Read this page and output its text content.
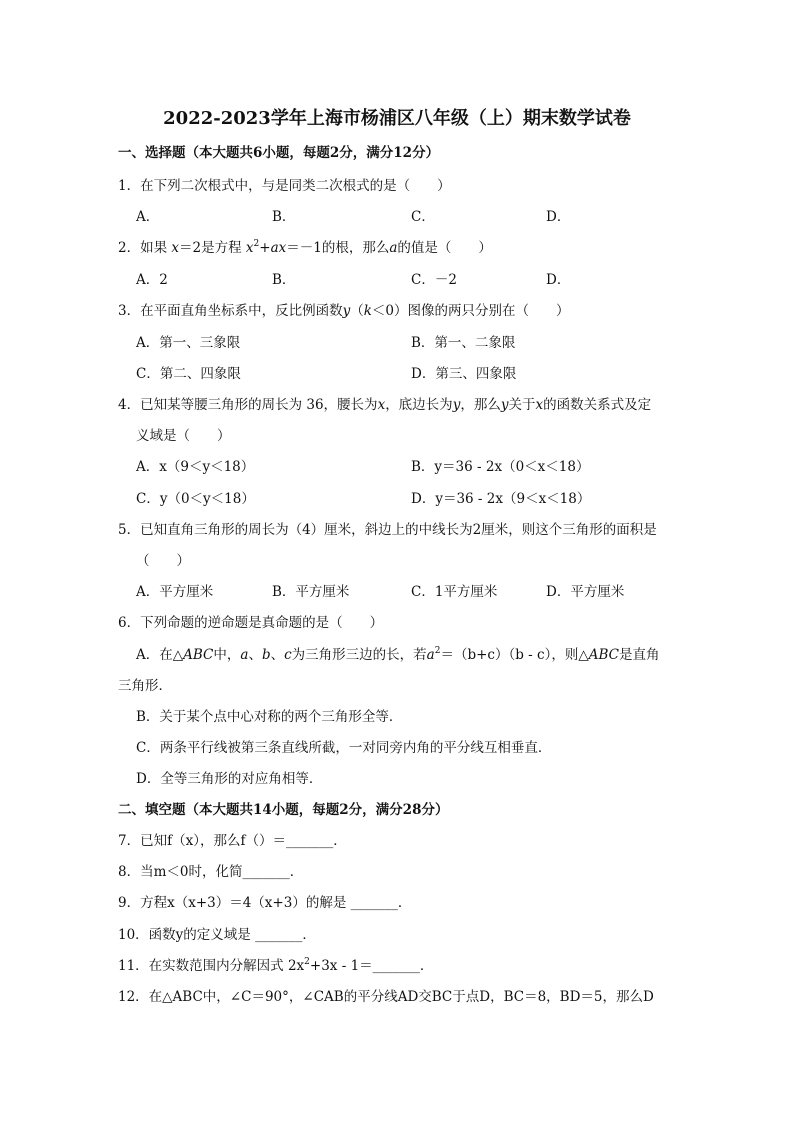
2022-2023学年上海市杨浦区八年级（上）期末数学试卷
一、选择题（本大题共6小题，每题2分，满分12分）
1．在下列二次根式中，与是同类二次根式的是（　　）
A．	B．	C．	D．
2．如果 x＝2是方程 $x^2+ax=-1$的根，那么a的值是（　　）
A．2	B．	C．－2	D．
3．在平面直角坐标系中，反比例函数y（k＜0）图像的两只分别在（　　）
A．第一、三象限	B．第一、二象限
C．第二、四象限	D．第三、四象限
4．已知某等腰三角形的周长为 36，腰长为x，底边长为y，那么y关于x的函数关系式及定
义域是（　　）
A．x（9＜y＜18）	B．y＝36 - 2x（0＜x＜18）
C．y（0＜y＜18）	D．y＝36 - 2x（9＜x＜18）
5．已知直角三角形的周长为（4）厘米，斜边上的中线长为2厘米，则这个三角形的面积是
（　　）
A．平方厘米	B．平方厘米	C．1平方厘米	D．平方厘米
6．下列命题的逆命题是真命题的是（　　）
A．在△ABC中，a、b、c为三角形三边的长，若$a^2=(b+c)(b - c)$，则△ABC是直角
三角形．
B．关于某个点中心对称的两个三角形全等．
C．两条平行线被第三条直线所截，一对同旁内角的平分线互相垂直．
D．全等三角形的对应角相等．
二、填空题（本大题共14小题，每题2分，满分28分）
7．已知f（x），那么f（）＝_______．
8．当m＜0时，化简_______．
9．方程x（x+3）＝4（x+3）的解是 _______．
10．函数y的定义域是 _______．
11．在实数范围内分解因式 $2x^2+3x$ - 1＝_______．
12．在△ABC中，∠C＝90°，∠CAB的平分线AD交BC于点D，BC＝8，BD＝5，那么D
